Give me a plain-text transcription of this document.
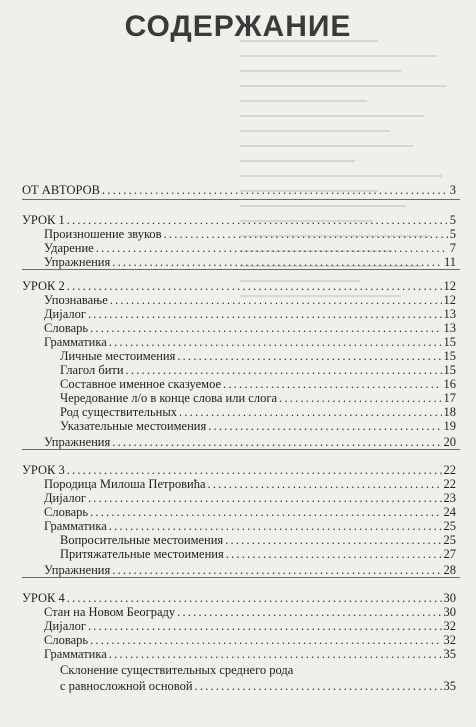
СОДЕРЖАНИЕ
ОТ АВТОРОВ .....	3
УРОК 1 .....	5
Произношение звуков .....	5
Ударение .....	7
Упражнения .....	11
УРОК 2 .....	12
Упознавање .....	12
Дијалог .....	13
Словарь .....	13
Грамматика .....	15
Личные местоимения .....	15
Глагол бити .....	15
Составное именное сказуемое .....	16
Чередование л/о в конце слова или слога .....	17
Род существительных .....	18
Указательные местоимения .....	19
Упражнения .....	20
УРОК 3 .....	22
Породица Милоша Петровића .....	22
Дијалог .....	23
Словарь .....	24
Грамматика .....	25
Вопросительные местоимения .....	25
Притяжательные местоимения .....	27
Упражнения .....	28
УРОК 4 .....	30
Стан на Новом Београду .....	30
Дијалог .....	32
Словарь .....	32
Грамматика .....	35
Склонение существительных среднего рода
с равносложной основой .....	35
